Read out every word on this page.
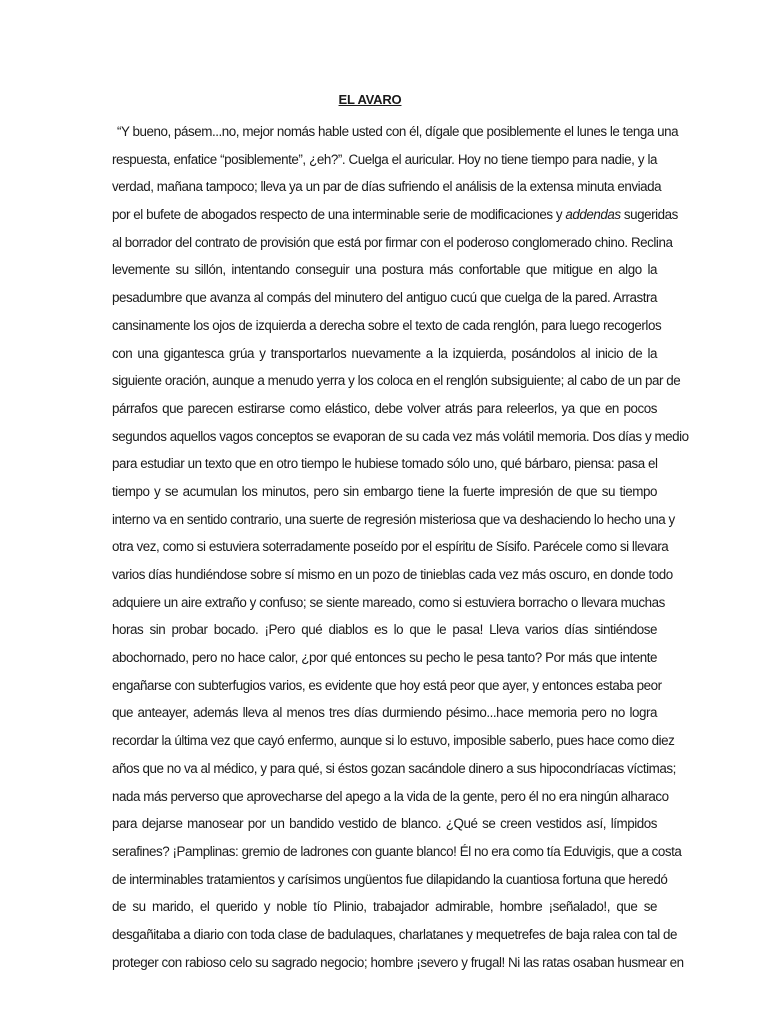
EL AVARO
“Y bueno, pásem...no, mejor nomás hable usted con él, dígale que posiblemente el lunes le tenga una
respuesta, enfatice “posiblemente”, ¿eh?”. Cuelga el auricular. Hoy no tiene tiempo para nadie, y la
verdad, mañana tampoco; lleva ya un par de días sufriendo el análisis de la extensa minuta enviada
por el bufete de abogados respecto de una interminable serie de modificaciones y addendas sugeridas
al borrador del contrato de provisión que está por firmar con el poderoso conglomerado chino. Reclina
levemente su sillón, intentando conseguir una postura más confortable que mitigue en algo la
pesadumbre que avanza al compás del minutero del antiguo cucú que cuelga de la pared. Arrastra
cansinamente los ojos de izquierda a derecha sobre el texto de cada renglón, para luego recogerlos
con una gigantesca grúa y transportarlos nuevamente a la izquierda, posándolos al inicio de la
siguiente oración, aunque a menudo yerra y los coloca en el renglón subsiguiente; al cabo de un par de
párrafos que parecen estirarse como elástico, debe volver atrás para releerlos, ya que en pocos
segundos aquellos vagos conceptos se evaporan de su cada vez más volátil memoria. Dos días y medio
para estudiar un texto que en otro tiempo le hubiese tomado sólo uno, qué bárbaro, piensa: pasa el
tiempo y se acumulan los minutos, pero sin embargo tiene la fuerte impresión de que su tiempo
interno va en sentido contrario, una suerte de regresión misteriosa que va deshaciendo lo hecho una y
otra vez, como si estuviera soterradamente poseído por el espíritu de Sísifo. Parécele como si llevara
varios días hundiéndose sobre sí mismo en un pozo de tinieblas cada vez más oscuro, en donde todo
adquiere un aire extraño y confuso; se siente mareado, como si estuviera borracho o llevara muchas
horas sin probar bocado. ¡Pero qué diablos es lo que le pasa! Lleva varios días sintiéndose
abochornado, pero no hace calor, ¿por qué entonces su pecho le pesa tanto? Por más que intente
engañarse con subterfugios varios, es evidente que hoy está peor que ayer, y entonces estaba peor
que anteayer, además lleva al menos tres días durmiendo pésimo...hace memoria pero no logra
recordar la última vez que cayó enfermo, aunque si lo estuvo, imposible saberlo, pues hace como diez
años que no va al médico, y para qué, si éstos gozan sacándole dinero a sus hipocondríacas víctimas;
nada más perverso que aprovecharse del apego a la vida de la gente, pero él no era ningún alharaco
para dejarse manosear por un bandido vestido de blanco. ¿Qué se creen vestidos así, límpidos
serafines? ¡Pamplinas: gremio de ladrones con guante blanco! Él no era como tía Eduvigis, que a costa
de interminables tratamientos y carísimos ungüentos fue dilapidando la cuantiosa fortuna que heredó
de su marido, el querido y noble tío Plinio, trabajador admirable, hombre ¡señalado!, que se
desgañitaba a diario con toda clase de badulaques, charlatanes y mequetrefes de baja ralea con tal de
proteger con rabioso celo su sagrado negocio; hombre ¡severo y frugal! Ni las ratas osaban husmear en
